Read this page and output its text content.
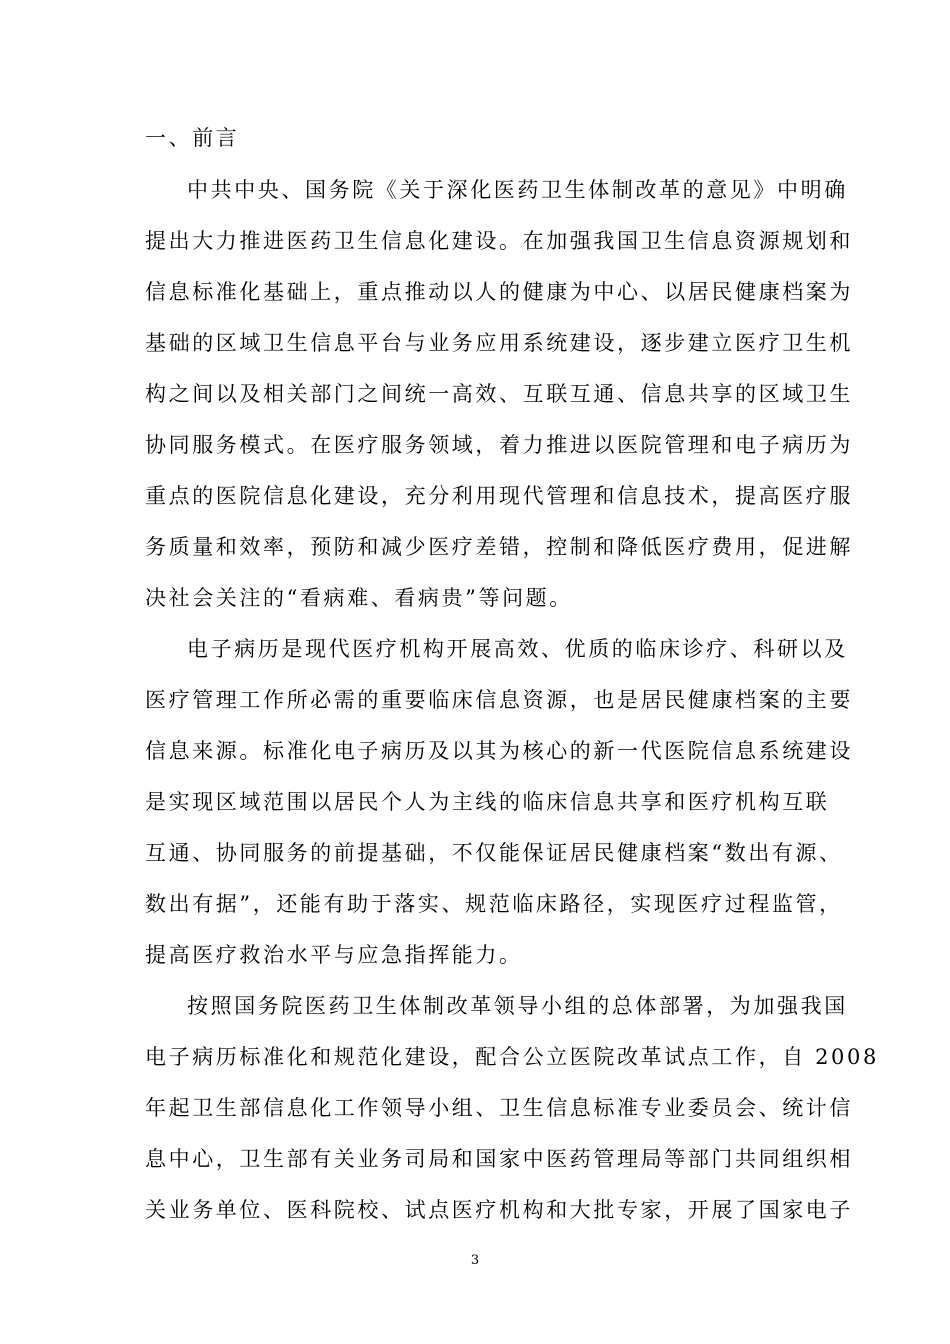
一、前言
中共中央、国务院《关于深化医药卫生体制改革的意见》中明确
提出大力推进医药卫生信息化建设。在加强我国卫生信息资源规划和
信息标准化基础上，重点推动以人的健康为中心、以居民健康档案为
基础的区域卫生信息平台与业务应用系统建设，逐步建立医疗卫生机
构之间以及相关部门之间统一高效、互联互通、信息共享的区域卫生
协同服务模式。在医疗服务领域，着力推进以医院管理和电子病历为
重点的医院信息化建设，充分利用现代管理和信息技术，提高医疗服
务质量和效率，预防和减少医疗差错，控制和降低医疗费用，促进解
决社会关注的“看病难、看病贵”等问题。
电子病历是现代医疗机构开展高效、优质的临床诊疗、科研以及
医疗管理工作所必需的重要临床信息资源，也是居民健康档案的主要
信息来源。标准化电子病历及以其为核心的新一代医院信息系统建设
是实现区域范围以居民个人为主线的临床信息共享和医疗机构互联
互通、协同服务的前提基础，不仅能保证居民健康档案“数出有源、
数出有据”，还能有助于落实、规范临床路径，实现医疗过程监管，
提高医疗救治水平与应急指挥能力。
按照国务院医药卫生体制改革领导小组的总体部署，为加强我国
电子病历标准化和规范化建设，配合公立医院改革试点工作，自 2008
年起卫生部信息化工作领导小组、卫生信息标准专业委员会、统计信
息中心，卫生部有关业务司局和国家中医药管理局等部门共同组织相
关业务单位、医科院校、试点医疗机构和大批专家，开展了国家电子
3
